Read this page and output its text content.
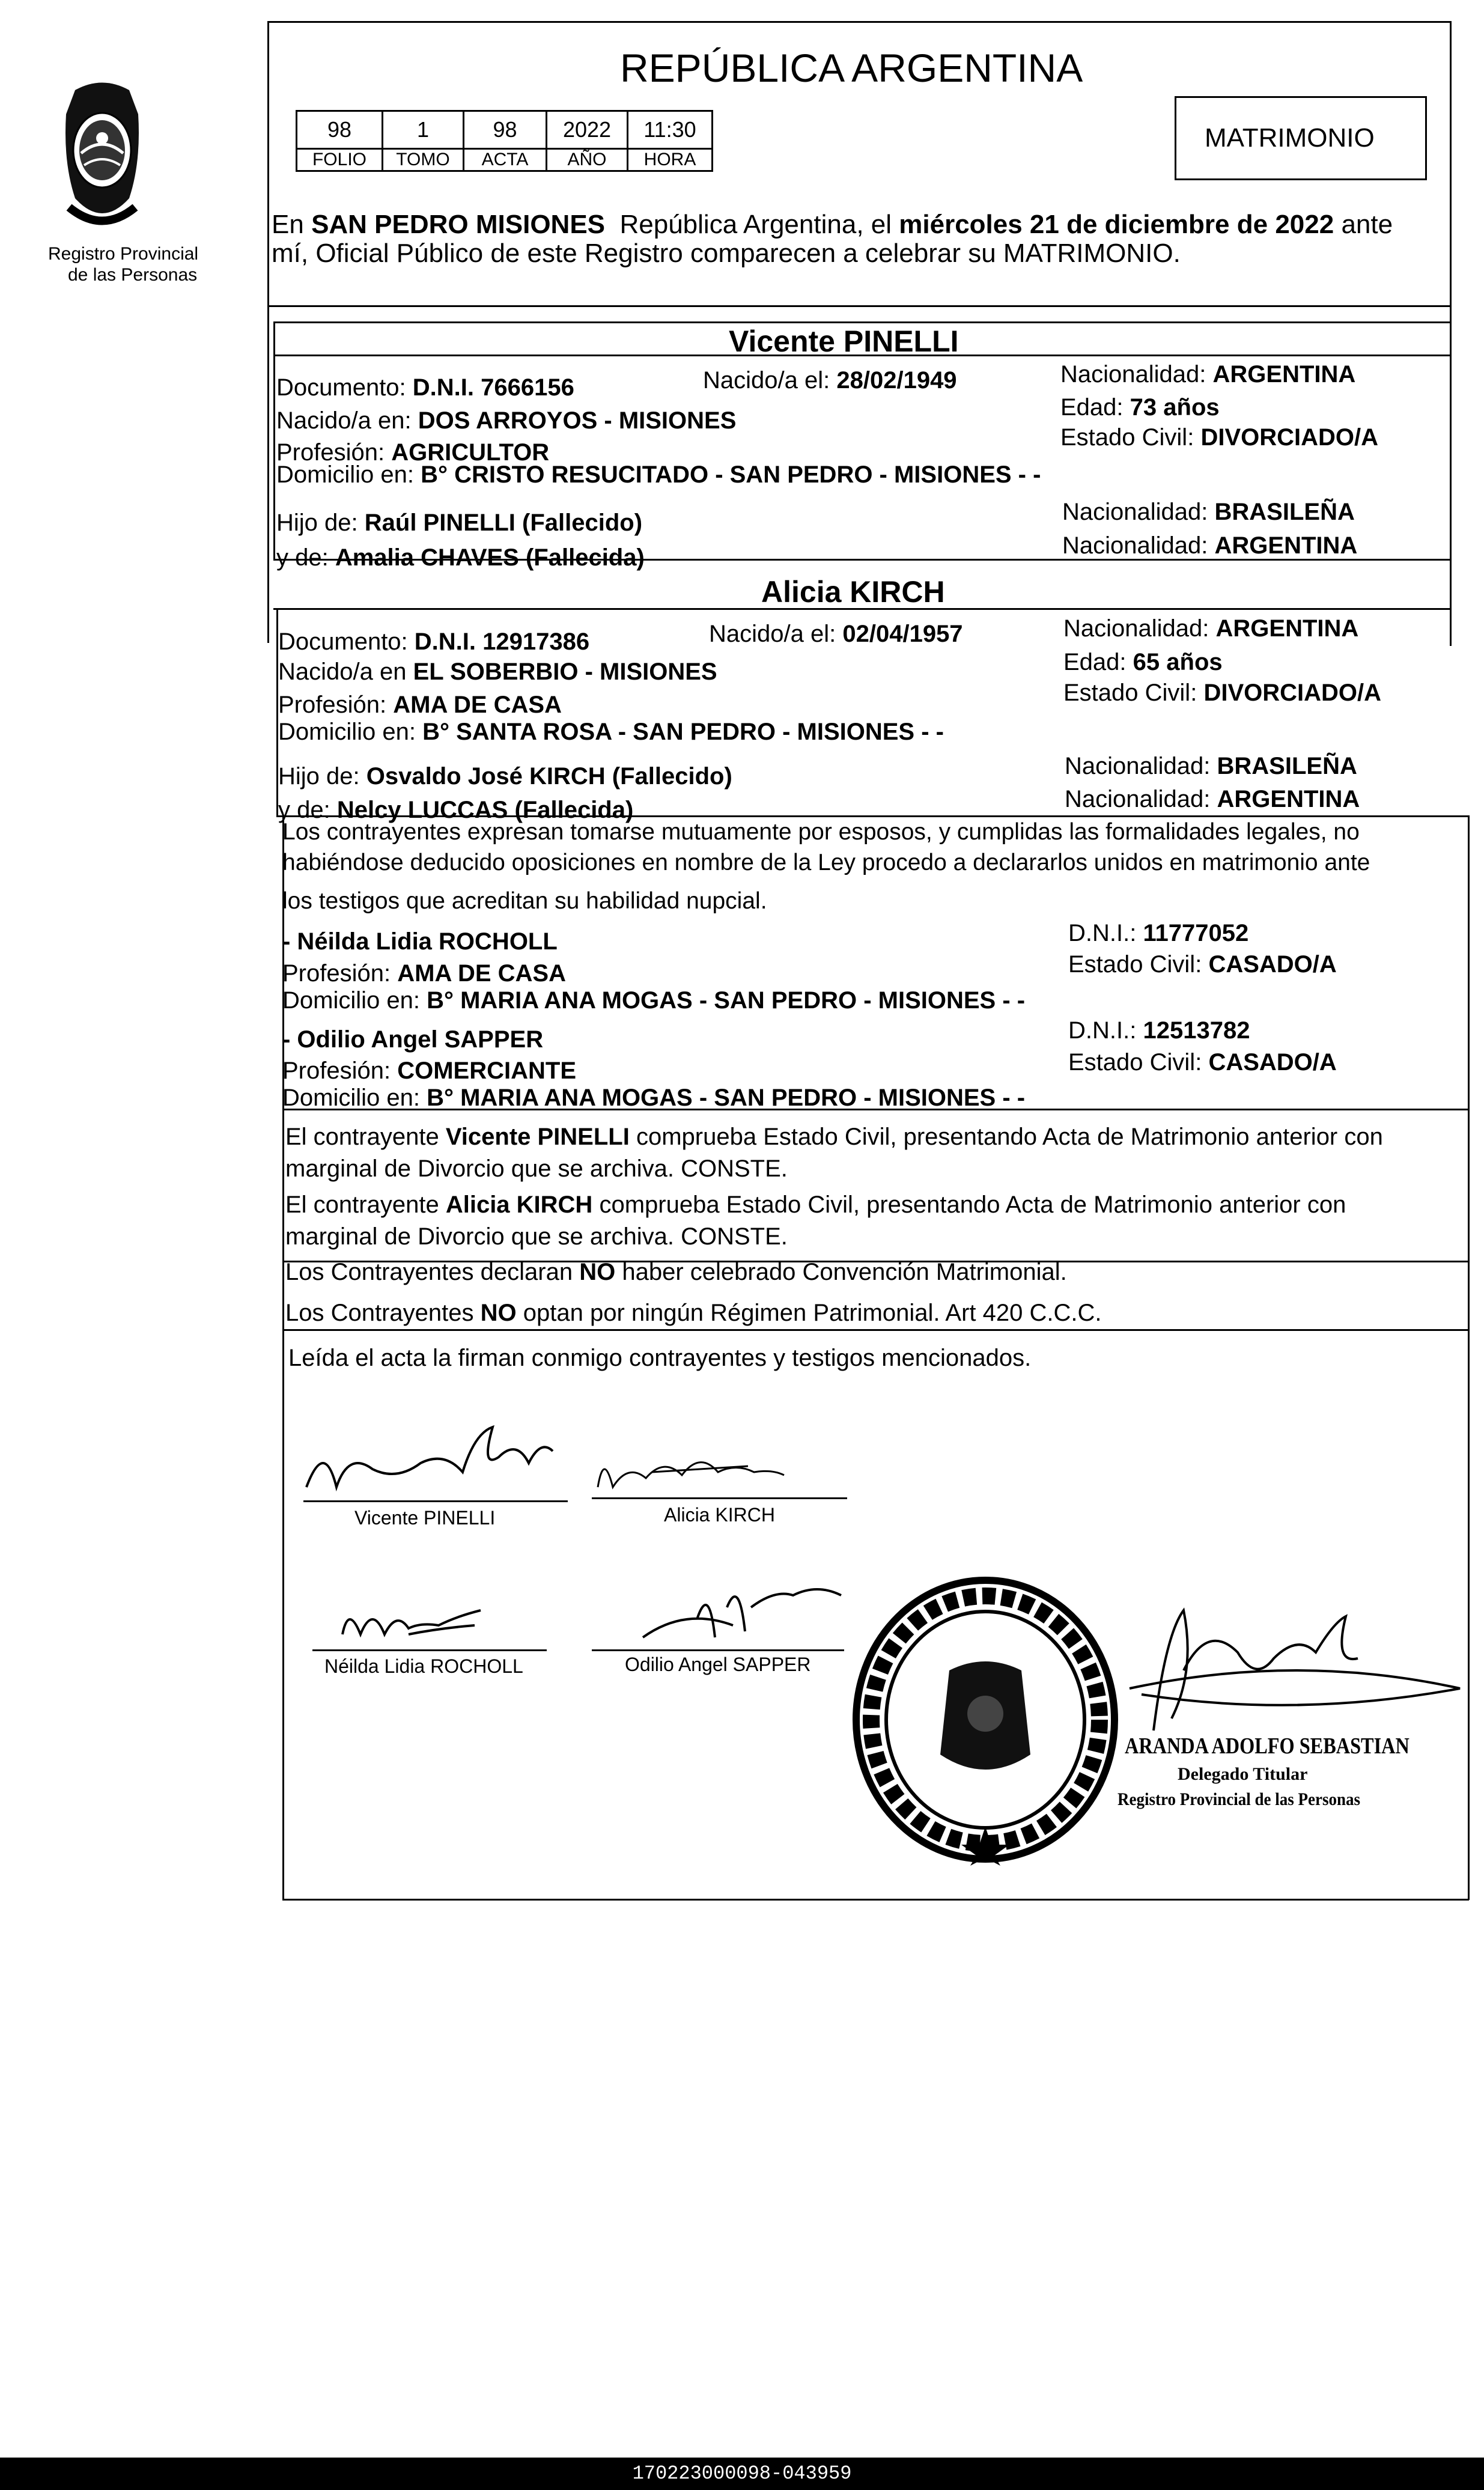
Registro Provincial
de las Personas
REPÚBLICA ARGENTINA
MATRIMONIO
98	1	98	2022	11:30
FOLIO	TOMO	ACTA	AÑO	HORA
En SAN PEDRO MISIONES República Argentina, el miércoles 21 de diciembre de 2022 ante
mí, Oficial Público de este Registro comparecen a celebrar su MATRIMONIO.
Vicente PINELLI
Documento: D.N.I. 7666156	Nacido/a el: 28/02/1949	Nacionalidad: ARGENTINA
Nacido/a en: DOS ARROYOS - MISIONES	Edad: 73 años
Profesión: AGRICULTOR
Estado Civil: DIVORCIADO/A
Domicilio en: B° CRISTO RESUCITADO - SAN PEDRO - MISIONES - -
Hijo de: Raúl PINELLI (Fallecido)	Nacionalidad: BRASILEÑA
y de: Amalia CHAVES (Fallecida)	Nacionalidad: ARGENTINA
Alicia KIRCH
Documento: D.N.I. 12917386	Nacido/a el: 02/04/1957	Nacionalidad: ARGENTINA
Nacido/a en EL SOBERBIO - MISIONES	Edad: 65 años
Profesión: AMA DE CASA	Estado Civil: DIVORCIADO/A
Domicilio en: B° SANTA ROSA - SAN PEDRO - MISIONES - -
Hijo de: Osvaldo José KIRCH (Fallecido)	Nacionalidad: BRASILEÑA
y de: Nelcy LUCCAS (Fallecida)	Nacionalidad: ARGENTINA
Los contrayentes expresan tomarse mutuamente por esposos, y cumplidas las formalidades legales, no
habiéndose deducido oposiciones en nombre de la Ley procedo a declararlos unidos en matrimonio ante
los testigos que acreditan su habilidad nupcial.
- Néilda Lidia ROCHOLL	D.N.I.: 11777052
Profesión: AMA DE CASA	Estado Civil: CASADO/A
Domicilio en: B° MARIA ANA MOGAS - SAN PEDRO - MISIONES - -
- Odilio Angel SAPPER	D.N.I.: 12513782
Profesión: COMERCIANTE	Estado Civil: CASADO/A
Domicilio en: B° MARIA ANA MOGAS - SAN PEDRO - MISIONES - -
El contrayente Vicente PINELLI comprueba Estado Civil, presentando Acta de Matrimonio anterior con
marginal de Divorcio que se archiva. CONSTE.
El contrayente Alicia KIRCH comprueba Estado Civil, presentando Acta de Matrimonio anterior con
marginal de Divorcio que se archiva. CONSTE.
Los Contrayentes declaran NO haber celebrado Convención Matrimonial.
Los Contrayentes NO optan por ningún Régimen Patrimonial. Art 420 C.C.C.
Leída el acta la firman conmigo contrayentes y testigos mencionados.
Vicente PINELLI	Alicia KIRCH
Néilda Lidia ROCHOLL	Odilio Angel SAPPER
ARANDA ADOLFO SEBASTIAN
Delegado Titular
Registro Provincial de las Personas
170223000098-043959
